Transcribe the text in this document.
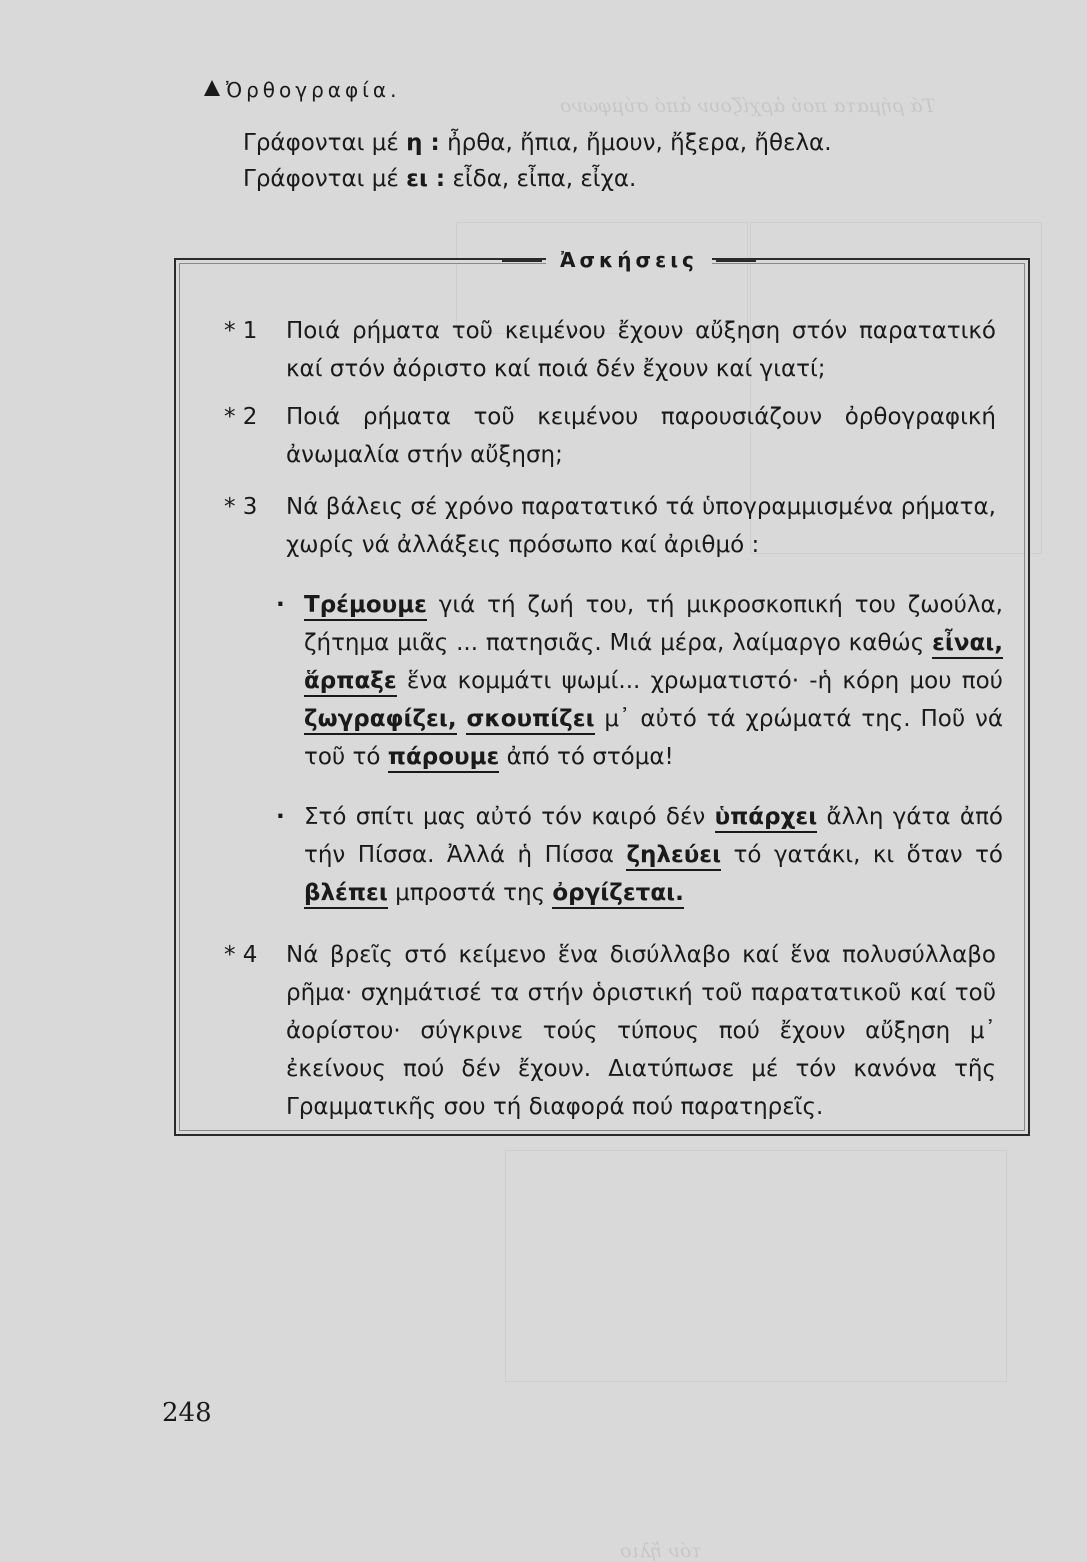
Τά ρήματα πού ἀρχίζουν ἀπό σύμφωνο
τόν ἥλιο
Ὀρθογραφία.
Γράφονται μέ η : ἦρθα, ἤπια, ἤμουν, ἤξερα, ἤθελα.
Γράφονται μέ ει : εἶδα, εἶπα, εἶχα.
Ἀσκήσεις
* 1	Ποιά ρήματα τοῦ κειμένου ἔχουν αὔξηση στόν παρατατικό καί στόν ἀόριστο καί ποιά δέν ἔχουν καί γιατί;
* 2	Ποιά ρήματα τοῦ κειμένου παρουσιάζουν ὀρθογραφική ἀνωμαλία στήν αὔξηση;
* 3	Νά βάλεις σέ χρόνο παρατατικό τά ὑπογραμμισμένα ρήματα, χωρίς νά ἀλλάξεις πρόσωπο καί ἀριθμό :
· Τρέμουμε γιά τή ζωή του, τή μικροσκοπική του ζωούλα, ζήτημα μιᾶς ... πατησιᾶς. Μιά μέρα, λαίμαργο καθώς εἶναι, ἅρπαξε ἕνα κομμάτι ψωμί... χρωματιστό· -ἡ κόρη μου πού ζωγραφίζει, σκουπίζει μ᾽ αὐτό τά χρώματά της. Ποῦ νά τοῦ τό πάρουμε ἀπό τό στόμα!
· Στό σπίτι μας αὐτό τόν καιρό δέν ὑπάρχει ἄλλη γάτα ἀπό τήν Πίσσα. Ἀλλά ἡ Πίσσα ζηλεύει τό γατάκι, κι ὅταν τό βλέπει μπροστά της ὀργίζεται.
* 4	Νά βρεῖς στό κείμενο ἕνα δισύλλαβο καί ἕνα πολυσύλλαβο ρῆμα· σχημάτισέ τα στήν ὁριστική τοῦ παρατατικοῦ καί τοῦ ἀορίστου· σύγκρινε τούς τύπους πού ἔχουν αὔξηση μ᾽ ἐκείνους πού δέν ἔχουν. Διατύπωσε μέ τόν κανόνα τῆς Γραμματικῆς σου τή διαφορά πού παρατηρεῖς.
248
